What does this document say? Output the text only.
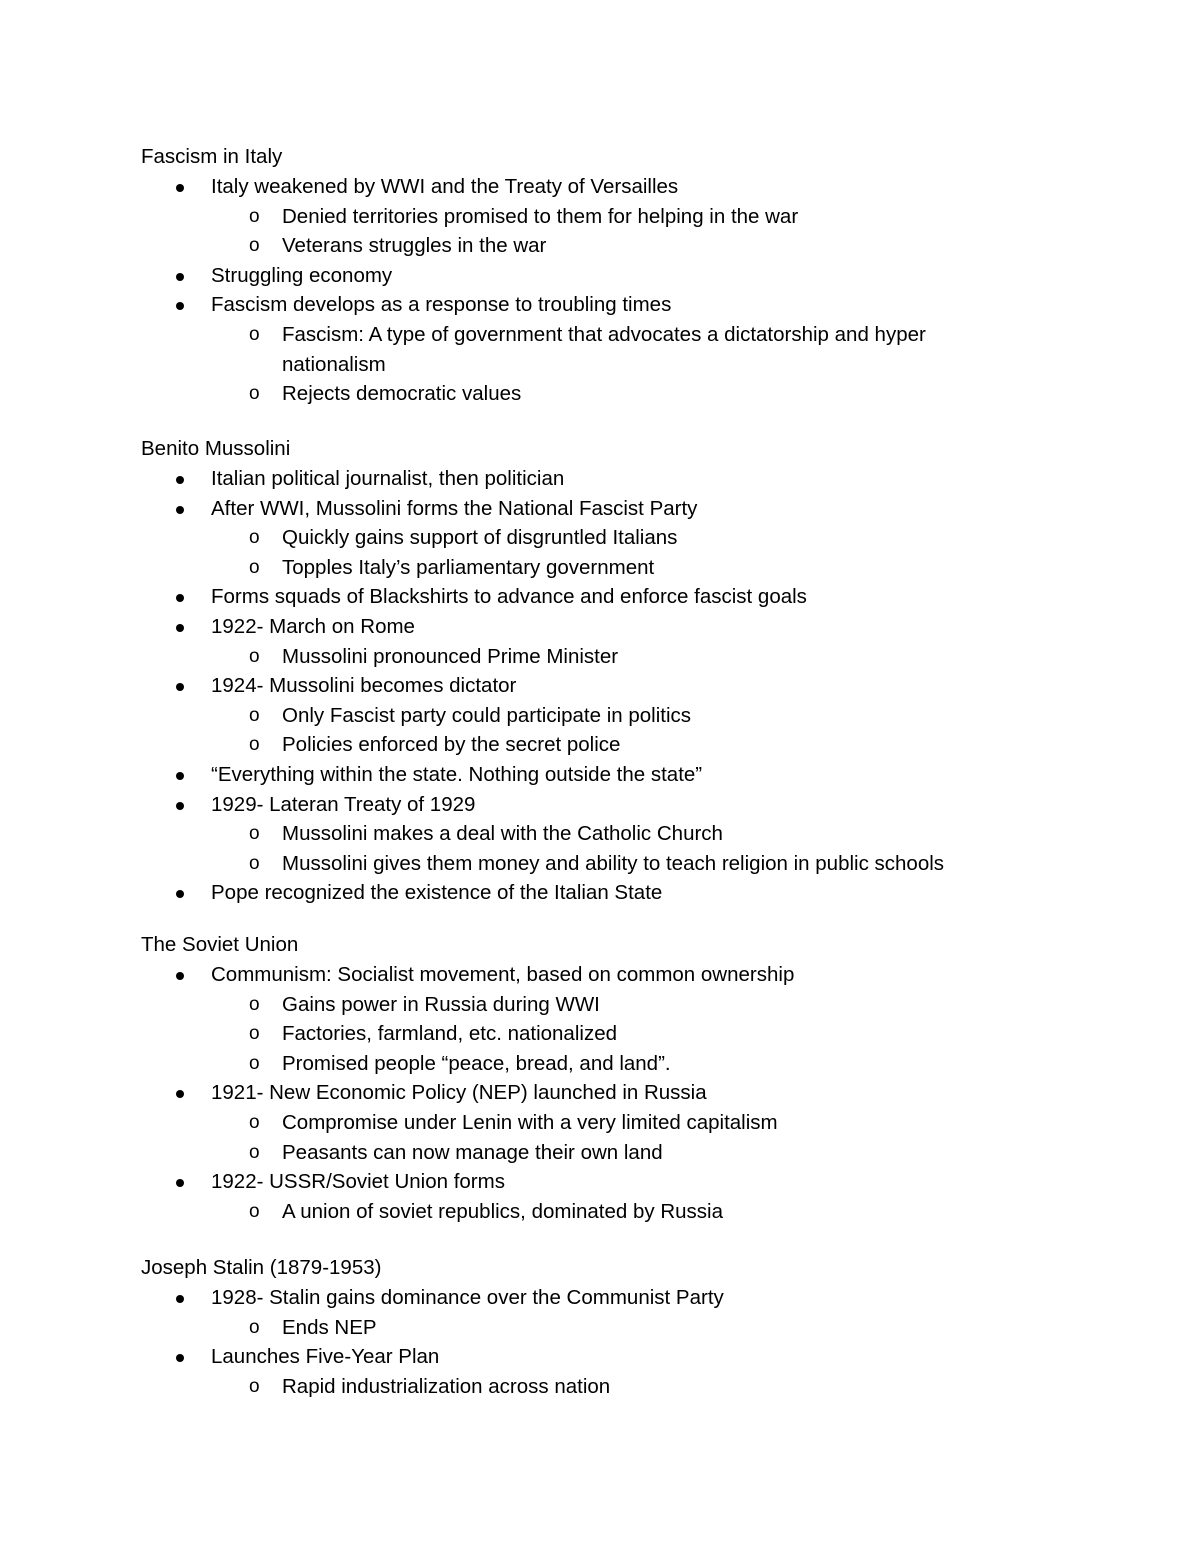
Fascism in Italy
Italy weakened by WWI and the Treaty of Versailles
o Denied territories promised to them for helping in the war
o Veterans struggles in the war
Struggling economy
Fascism develops as a response to troubling times
o Fascism: A type of government that advocates a dictatorship and hyper
nationalism
o Rejects democratic values
Benito Mussolini
Italian political journalist, then politician
After WWI, Mussolini forms the National Fascist Party
o Quickly gains support of disgruntled Italians
o Topples Italy’s parliamentary government
Forms squads of Blackshirts to advance and enforce fascist goals
1922- March on Rome
o Mussolini pronounced Prime Minister
1924- Mussolini becomes dictator
o Only Fascist party could participate in politics
o Policies enforced by the secret police
“Everything within the state. Nothing outside the state”
1929- Lateran Treaty of 1929
o Mussolini makes a deal with the Catholic Church
o Mussolini gives them money and ability to teach religion in public schools
Pope recognized the existence of the Italian State
The Soviet Union
Communism: Socialist movement, based on common ownership
o Gains power in Russia during WWI
o Factories, farmland, etc. nationalized
o Promised people “peace, bread, and land”.
1921- New Economic Policy (NEP) launched in Russia
o Compromise under Lenin with a very limited capitalism
o Peasants can now manage their own land
1922- USSR/Soviet Union forms
o A union of soviet republics, dominated by Russia
Joseph Stalin (1879-1953)
1928- Stalin gains dominance over the Communist Party
o Ends NEP
Launches Five-Year Plan
o Rapid industrialization across nation
